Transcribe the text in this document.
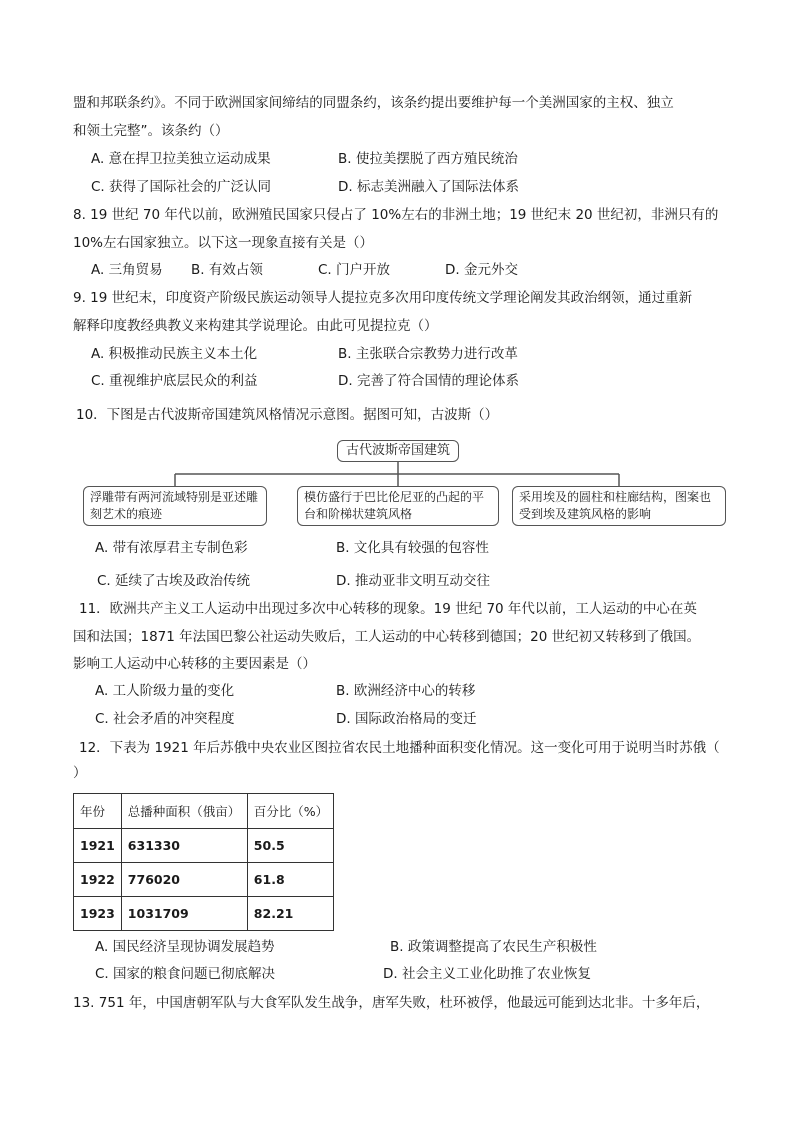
盟和邦联条约》。不同于欧洲国家间缔结的同盟条约，该条约提出要维护每一个美洲国家的主权、独立
和领土完整”。该条约（）
A. 意在捍卫拉美独立运动成果	B. 使拉美摆脱了西方殖民统治
C. 获得了国际社会的广泛认同	D. 标志美洲融入了国际法体系
8. 19 世纪 70 年代以前，欧洲殖民国家只侵占了 10%左右的非洲土地；19 世纪末 20 世纪初，非洲只有的
10%左右国家独立。以下这一现象直接有关是（）
A. 三角贸易 B. 有效占领	C. 门户开放	D. 金元外交
9. 19 世纪末，印度资产阶级民族运动领导人提拉克多次用印度传统文学理论阐发其政治纲领，通过重新
解释印度教经典教义来构建其学说理论。由此可见提拉克（）
A. 积极推动民族主义本土化	B. 主张联合宗教势力进行改革
C. 重视维护底层民众的利益	D. 完善了符合国情的理论体系
10．下图是古代波斯帝国建筑风格情况示意图。据图可知，古波斯（）
古代波斯帝国建筑
浮雕带有两河流域特别是亚述雕刻艺术的痕迹
模仿盛行于巴比伦尼亚的凸起的平台和阶梯状建筑风格
采用埃及的圆柱和柱廊结构，图案也受到埃及建筑风格的影响
A. 带有浓厚君主专制色彩	B. 文化具有较强的包容性
C. 延续了古埃及政治传统	D. 推动亚非文明互动交往
11．欧洲共产主义工人运动中出现过多次中心转移的现象。19 世纪 70 年代以前，工人运动的中心在英
国和法国；1871 年法国巴黎公社运动失败后，工人运动的中心转移到德国；20 世纪初又转移到了俄国。
影响工人运动中心转移的主要因素是（）
A. 工人阶级力量的变化	B. 欧洲经济中心的转移
C. 社会矛盾的冲突程度	D. 国际政治格局的变迁
12．下表为 1921 年后苏俄中央农业区图拉省农民土地播种面积变化情况。这一变化可用于说明当时苏俄（
）
年份	总播种面积（俄亩）	百分比（%）
1921	631330	50.5
1922	776020	61.8
1923	1031709	82.21
A. 国民经济呈现协调发展趋势	B. 政策调整提高了农民生产积极性
C. 国家的粮食问题已彻底解决	D. 社会主义工业化助推了农业恢复
13. 751 年，中国唐朝军队与大食军队发生战争，唐军失败，杜环被俘，他最远可能到达北非。十多年后，
